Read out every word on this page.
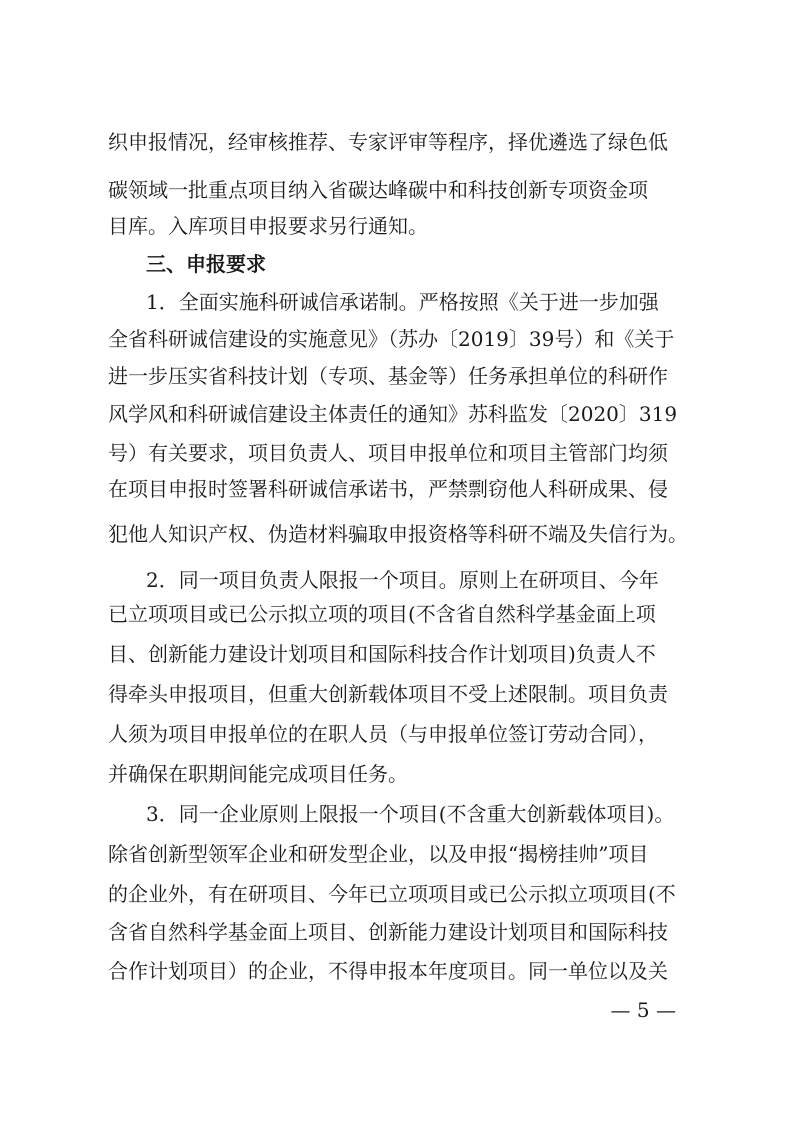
织申报情况，经审核推荐、专家评审等程序，择优遴选了绿色低
碳领域一批重点项目纳入省碳达峰碳中和科技创新专项资金项
目库。入库项目申报要求另行通知。
三、申报要求
1．全面实施科研诚信承诺制。严格按照《关于进一步加强
全省科研诚信建设的实施意见》（苏办〔2019〕39号）和《关于
进一步压实省科技计划（专项、基金等）任务承担单位的科研作
风学风和科研诚信建设主体责任的通知》苏科监发〔2020〕319
号）有关要求，项目负责人、项目申报单位和项目主管部门均须
在项目申报时签署科研诚信承诺书，严禁剽窃他人科研成果、侵
犯他人知识产权、伪造材料骗取申报资格等科研不端及失信行为。
2．同一项目负责人限报一个项目。原则上在研项目、今年
已立项项目或已公示拟立项的项目(不含省自然科学基金面上项
目、创新能力建设计划项目和国际科技合作计划项目)负责人不
得牵头申报项目，但重大创新载体项目不受上述限制。项目负责
人须为项目申报单位的在职人员（与申报单位签订劳动合同），
并确保在职期间能完成项目任务。
3．同一企业原则上限报一个项目(不含重大创新载体项目)。
除省创新型领军企业和研发型企业，以及申报“揭榜挂帅”项目
的企业外，有在研项目、今年已立项项目或已公示拟立项项目(不
含省自然科学基金面上项目、创新能力建设计划项目和国际科技
合作计划项目）的企业，不得申报本年度项目。同一单位以及关
— 5 —
